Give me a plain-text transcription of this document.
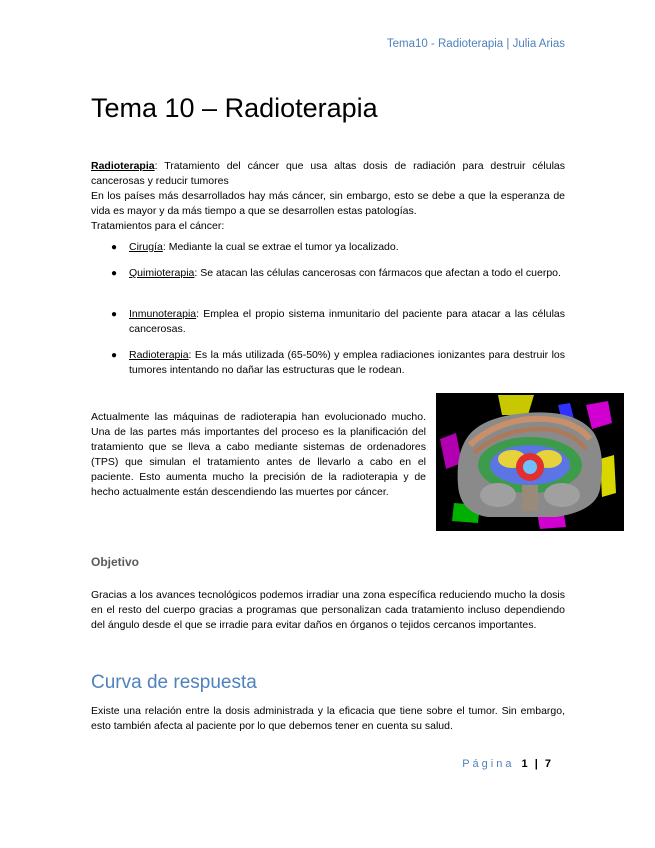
Tema10 - Radioterapia | Julia Arias
Tema 10 – Radioterapia
Radioterapia: Tratamiento del cáncer que usa altas dosis de radiación para destruir células cancerosas y reducir tumores
En los países más desarrollados hay más cáncer, sin embargo, esto se debe a que la esperanza de vida es mayor y da más tiempo a que se desarrollen estas patologías.
Tratamientos para el cáncer:
● Cirugía: Mediante la cual se extrae el tumor ya localizado.
● Quimioterapia: Se atacan las células cancerosas con fármacos que afectan a todo el cuerpo.
● Inmunoterapia: Emplea el propio sistema inmunitario del paciente para atacar a las células cancerosas.
● Radioterapia: Es la más utilizada (65-50%) y emplea radiaciones ionizantes para destruir los tumores intentando no dañar las estructuras que le rodean.
Actualmente las máquinas de radioterapia han evolucionado mucho. Una de las partes más importantes del proceso es la planificación del tratamiento que se lleva a cabo mediante sistemas de ordenadores (TPS) que simulan el tratamiento antes de llevarlo a cabo en el paciente. Esto aumenta mucho la precisión de la radioterapia y de hecho actualmente están descendiendo las muertes por cáncer.
Objetivo
Gracias a los avances tecnológicos podemos irradiar una zona específica reduciendo mucho la dosis en el resto del cuerpo gracias a programas que personalizan cada tratamiento incluso dependiendo del ángulo desde el que se irradie para evitar daños en órganos o tejidos cercanos importantes.
Curva de respuesta
Existe una relación entre la dosis administrada y la eficacia que tiene sobre el tumor. Sin embargo, esto también afecta al paciente por lo que debemos tener en cuenta su salud.
Página 1 | 7
